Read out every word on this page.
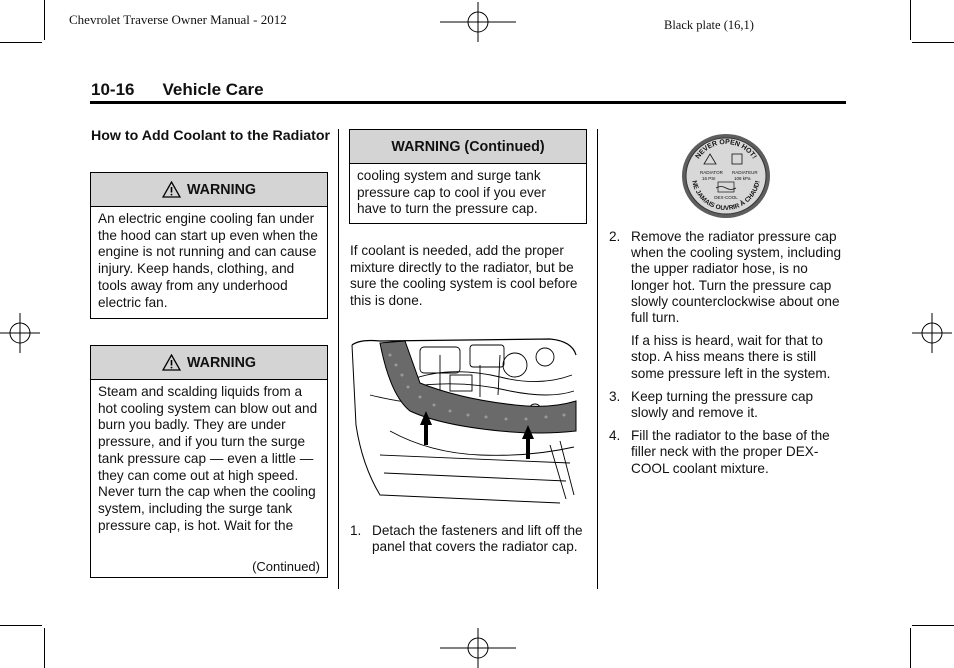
Chevrolet Traverse Owner Manual - 2012	Black plate (16,1)
10-16 Vehicle Care
How to Add Coolant to the Radiator
WARNING
An electric engine cooling fan under the hood can start up even when the engine is not running and can cause injury. Keep hands, clothing, and tools away from any underhood electric fan.
WARNING
Steam and scalding liquids from a hot cooling system can blow out and burn you badly. They are under pressure, and if you turn the surge tank pressure cap — even a little — they can come out at high speed. Never turn the cap when the cooling system, including the surge tank pressure cap, is hot. Wait for the
(Continued)
WARNING (Continued)
cooling system and surge tank pressure cap to cool if you ever have to turn the pressure cap.
If coolant is needed, add the proper mixture directly to the radiator, but be sure the cooling system is cool before this is done.
1. Detach the fasteners and lift off the panel that covers the radiator cap.
NEVER OPEN HOT!
NE JAMAIS OUVRIR À CHAUD!
RADIATOR
16 PSI
RADIATEUR
108 kPa
DEX-COOL
2. Remove the radiator pressure cap when the cooling system, including the upper radiator hose, is no longer hot. Turn the pressure cap slowly counterclockwise about one full turn.
If a hiss is heard, wait for that to stop. A hiss means there is still some pressure left in the system.
3. Keep turning the pressure cap slowly and remove it.
4. Fill the radiator to the base of the filler neck with the proper DEX-COOL coolant mixture.
